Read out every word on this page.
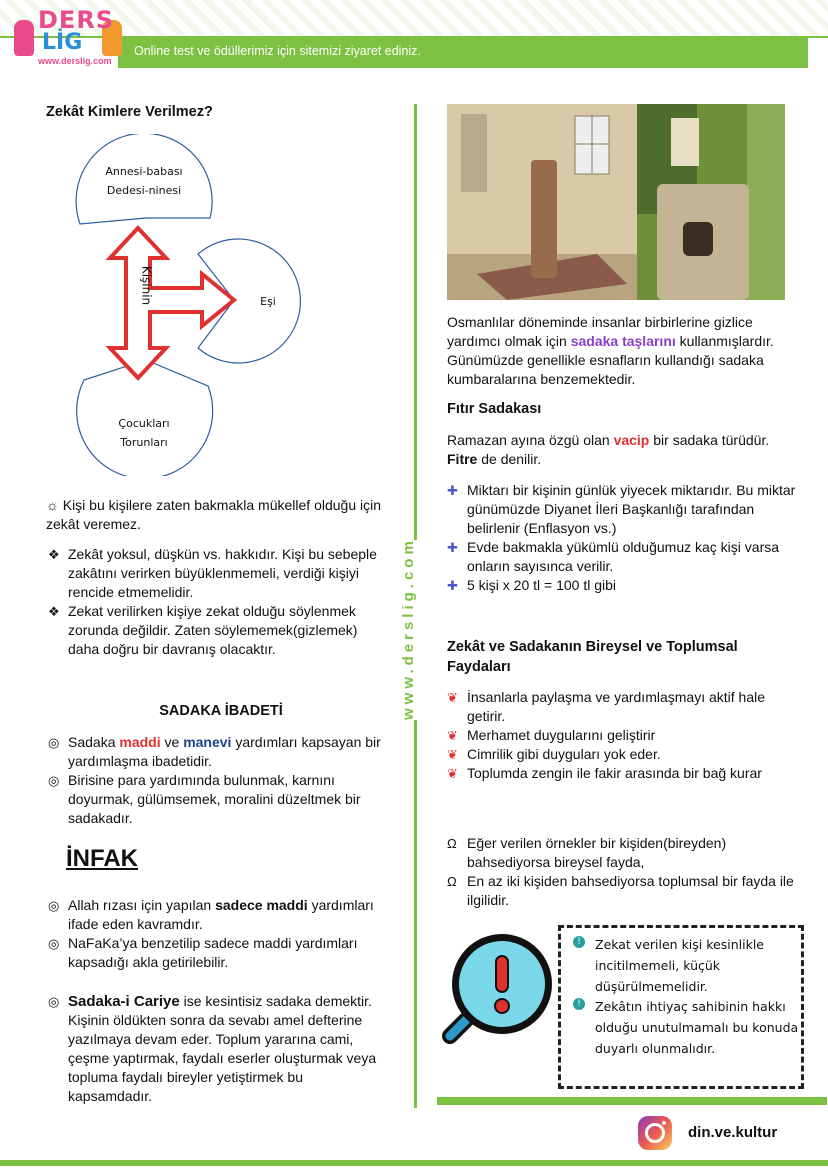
Online test ve ödüllerimiz için sitemizi ziyaret ediniz.
DERS
LİG
www.derslig.com
www.derslig.com
Zekât Kimlere Verilmez?
Annesi-babası
Dedesi-ninesi
Eşi
Çocukları
Torunları
Kişinin

☼ Kişi bu kişilere zaten bakmakla mükellef olduğu için zekât veremez.

❖ Zekât yoksul, düşkün vs. hakkıdır. Kişi bu sebeple zakâtını verirken büyüklenmemeli, verdiği kişiyi rencide etmemelidir.

❖ Zekat verilirken kişiye zekat olduğu söylenmek zorunda değildir. Zaten söylememek(gizlemek) daha doğru bir davranış olacaktır.

SADAKA İBADETİ

◎ Sadaka maddi ve manevi yardımları kapsayan bir yardımlaşma ibadetidir.

◎ Birisine para yardımında bulunmak, karnını doyurmak, gülümsemek, moralini düzeltmek bir sadakadır.

İNFAK

◎ Allah rızası için yapılan sadece maddi yardımları ifade eden kavramdır.

◎ NaFaKa’ya benzetilip sadece maddi yardımları kapsadığı akla getirilebilir.

◎ Sadaka-i Cariye ise kesintisiz sadaka demektir. Kişinin öldükten sonra da sevabı amel defterine yazılmaya devam eder. Toplum yararına cami, çeşme yaptırmak, faydalı eserler oluşturmak veya topluma faydalı bireyler yetiştirmek bu kapsamdadır.

Osmanlılar döneminde insanlar birbirlerine gizlice yardımcı olmak için sadaka taşlarını kullanmışlardır. Günümüzde genellikle esnafların kullandığı sadaka kumbaralarına benzemektedir.

Fıtır Sadakası

Ramazan ayına özgü olan vacip bir sadaka türüdür. Fitre de denilir.

✚ Miktarı bir kişinin günlük yiyecek miktarıdır. Bu miktar günümüzde Diyanet İleri Başkanlığı tarafından belirlenir (Enflasyon vs.)

✚ Evde bakmakla yükümlü olduğumuz kaç kişi varsa onların sayısınca verilir.

✚ 5 kişi x 20 tl = 100 tl gibi

Zekât ve Sadakanın Bireysel ve Toplumsal Faydaları

❦ İnsanlarla paylaşma ve yardımlaşmayı aktif hale getirir.

❦ Merhamet duygularını geliştirir

❦ Cimrilik gibi duyguları yok eder.

❦ Toplumda zengin ile fakir arasında bir bağ kurar

Ω Eğer verilen örnekler bir kişiden(bireyden) bahsediyorsa bireysel fayda,

Ω En az iki kişiden bahsediyorsa toplumsal bir fayda ile ilgilidir.

!	Zekat verilen kişi kesinlikle incitilmemeli, küçük düşürülmemelidir.
!	Zekâtın ihtiyaç sahibinin hakkı olduğu unutulmamalı bu konuda duyarlı olunmalıdır.
din.ve.kultur
